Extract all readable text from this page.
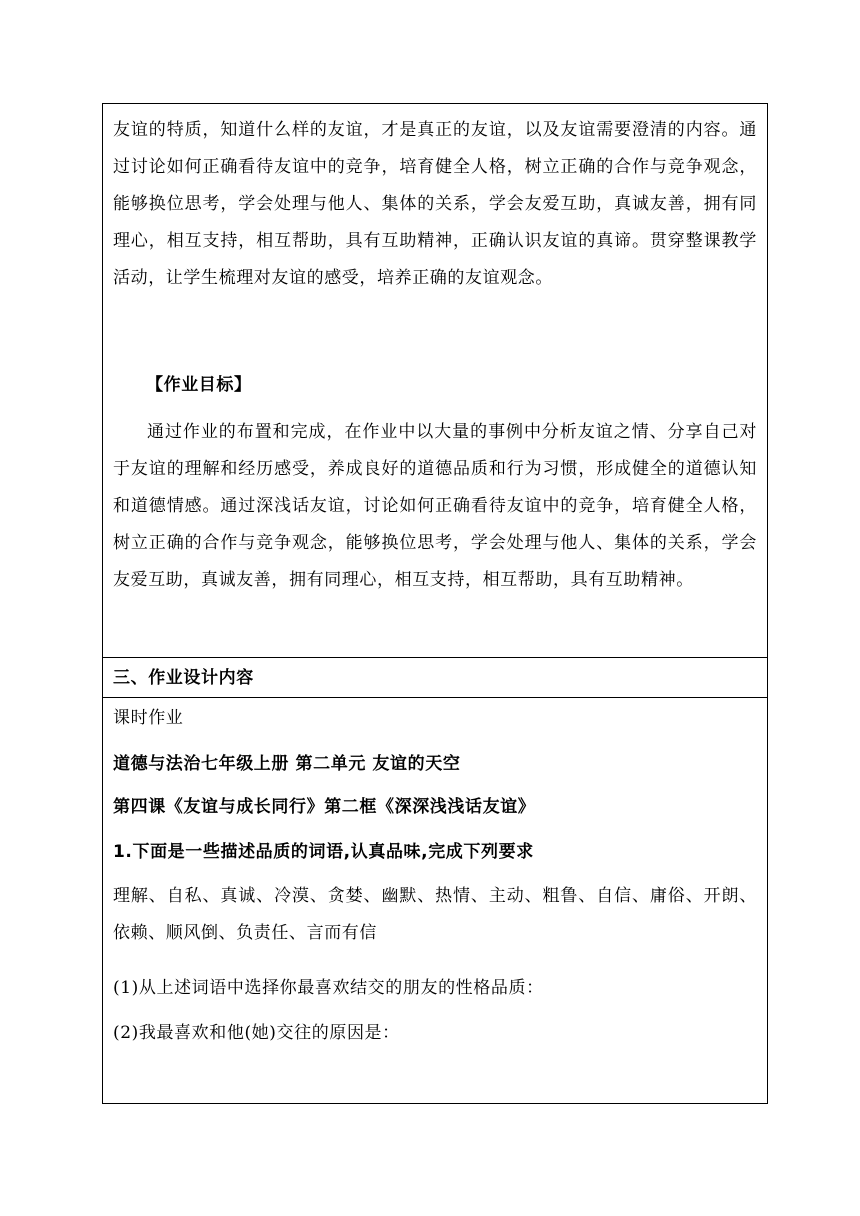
友谊的特质，知道什么样的友谊，才是真正的友谊，以及友谊需要澄清的内容。通过讨论如何正确看待友谊中的竞争，培育健全人格，树立正确的合作与竞争观念，能够换位思考，学会处理与他人、集体的关系，学会友爱互助，真诚友善，拥有同理心，相互支持，相互帮助，具有互助精神，正确认识友谊的真谛。贯穿整课教学活动，让学生梳理对友谊的感受，培养正确的友谊观念。

【作业目标】

通过作业的布置和完成，在作业中以大量的事例中分析友谊之情、分享自己对于友谊的理解和经历感受，养成良好的道德品质和行为习惯，形成健全的道德认知和道德情感。通过深浅话友谊，讨论如何正确看待友谊中的竞争，培育健全人格，树立正确的合作与竞争观念，能够换位思考，学会处理与他人、集体的关系，学会友爱互助，真诚友善，拥有同理心，相互支持，相互帮助，具有互助精神。

三、作业设计内容

课时作业

道德与法治七年级上册 第二单元 友谊的天空

第四课《友谊与成长同行》第二框《深深浅浅话友谊》

1.下面是一些描述品质的词语,认真品味,完成下列要求

理解、自私、真诚、冷漠、贪婪、幽默、热情、主动、粗鲁、自信、庸俗、开朗、依赖、顺风倒、负责任、言而有信

(1)从上述词语中选择你最喜欢结交的朋友的性格品质：

(2)我最喜欢和他(她)交往的原因是：
